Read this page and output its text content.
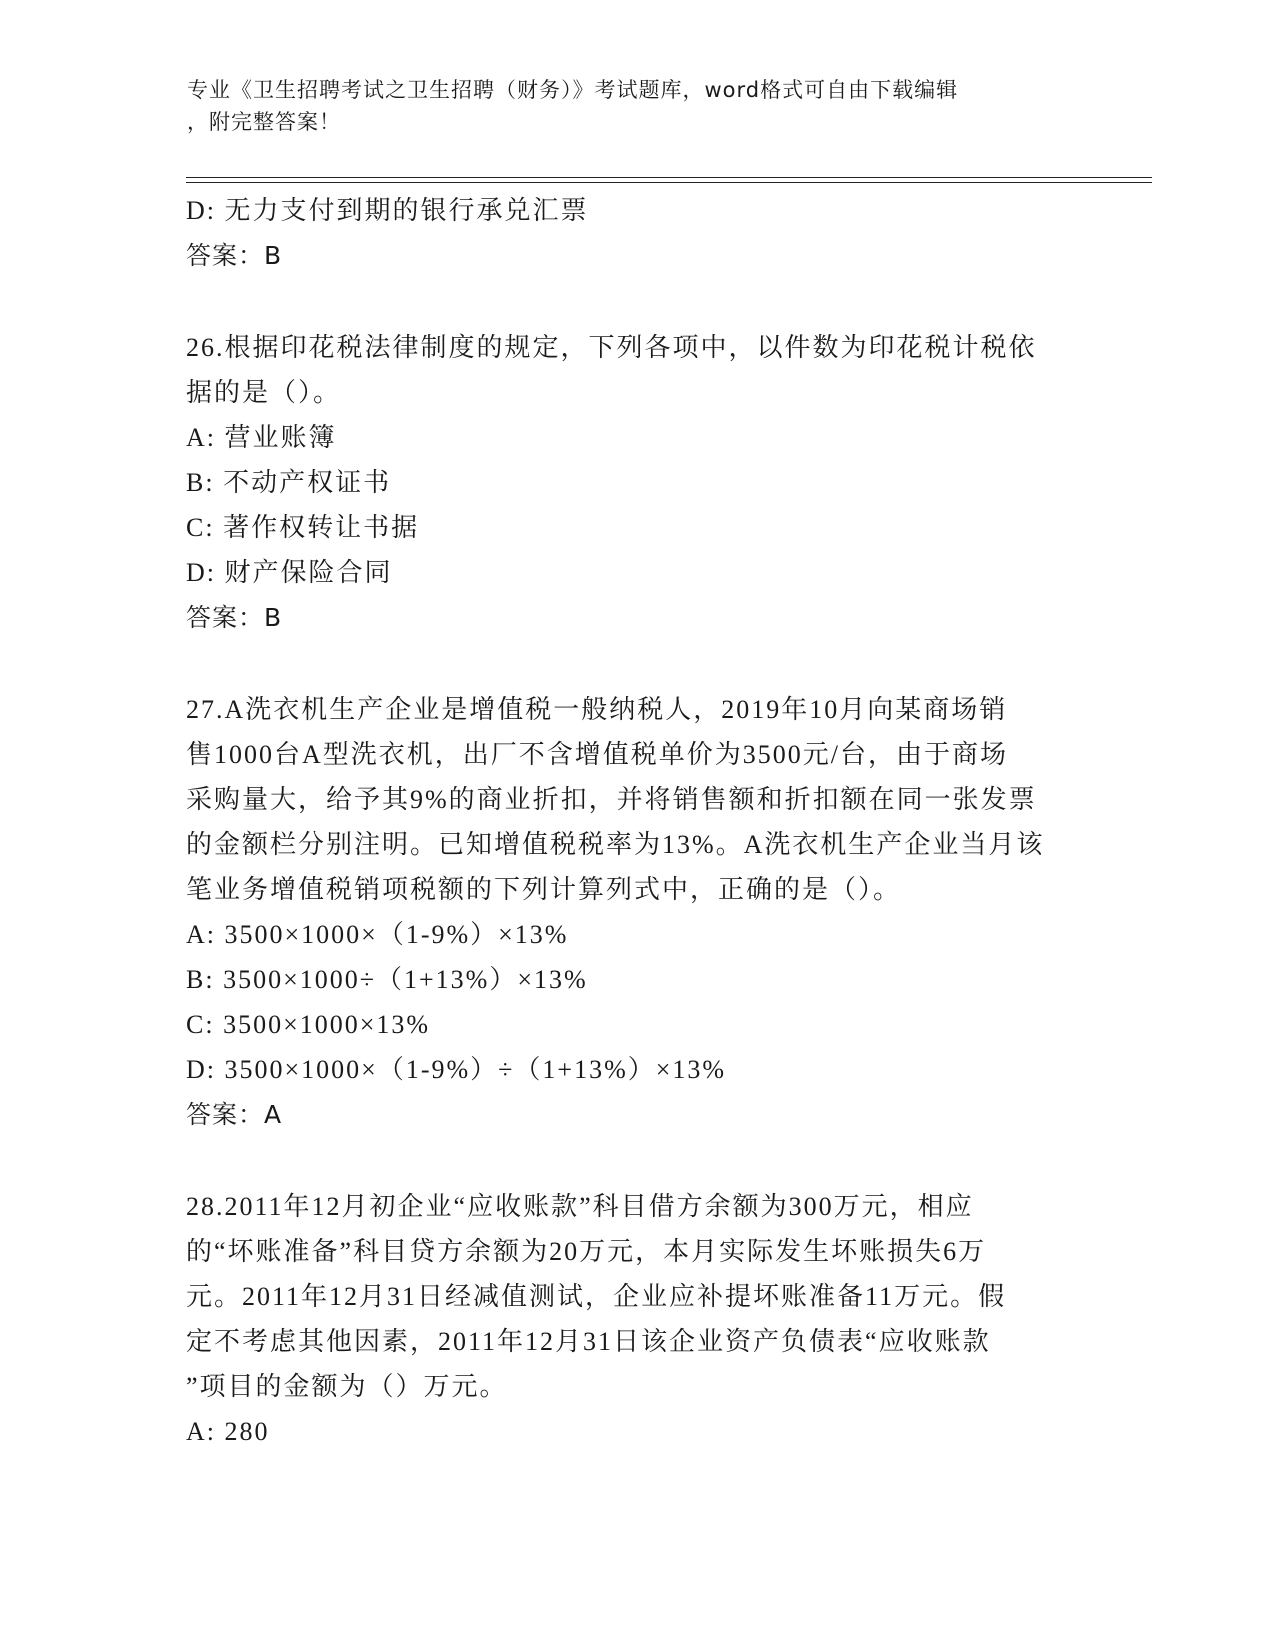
专业《卫生招聘考试之卫生招聘（财务）》考试题库，word格式可自由下载编辑
，附完整答案！
D: 无力支付到期的银行承兑汇票
答案：B
26.根据印花税法律制度的规定，下列各项中，以件数为印花税计税依
据的是（）。
A: 营业账簿
B: 不动产权证书
C: 著作权转让书据
D: 财产保险合同
答案：B
27.A洗衣机生产企业是增值税一般纳税人，2019年10月向某商场销
售1000台A型洗衣机，出厂不含增值税单价为3500元/台，由于商场
采购量大，给予其9%的商业折扣，并将销售额和折扣额在同一张发票
的金额栏分别注明。已知增值税税率为13%。A洗衣机生产企业当月该
笔业务增值税销项税额的下列计算列式中，正确的是（）。
A: 3500×1000×（1-9%）×13%
B: 3500×1000÷（1+13%）×13%
C: 3500×1000×13%
D: 3500×1000×（1-9%）÷（1+13%）×13%
答案：A
28.2011年12月初企业“应收账款”科目借方余额为300万元，相应
的“坏账准备”科目贷方余额为20万元，本月实际发生坏账损失6万
元。2011年12月31日经减值测试，企业应补提坏账准备11万元。假
定不考虑其他因素，2011年12月31日该企业资产负债表“应收账款
”项目的金额为（）万元。
A: 280
